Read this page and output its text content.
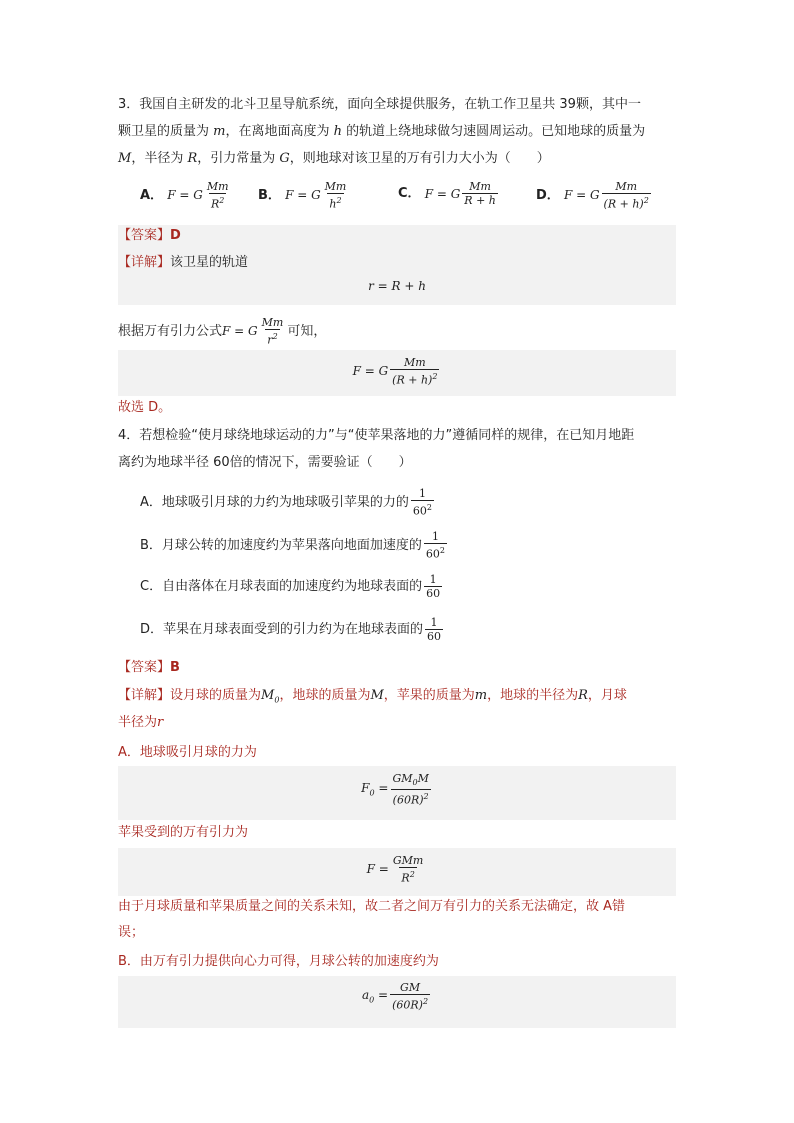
3．我国自主研发的北斗卫星导航系统，面向全球提供服务，在轨工作卫星共 39颗，其中一
颗卫星的质量为 m，在离地面高度为 h 的轨道上绕地球做匀速圆周运动。已知地球的质量为
M，半径为 R，引力常量为 G，则地球对该卫星的万有引力大小为（　　）
A． F = G $\frac{Mm}{R^2}$ B． F = G $\frac{Mm}{h^2}$	C． F = G $\frac{Mm}{R + h}$	D． F = G $\frac{Mm}{(R + h)^2}$
【答案】D
【详解】该卫星的轨道
r = R + h
根据万有引力公式F = G $\frac{Mm}{r^2}$ 可知，
F = G $\frac{Mm}{(R + h)^2}$
故选 D。
4．若想检验“使月球绕地球运动的力”与“使苹果落地的力”遵循同样的规律，在已知月地距
离约为地球半径 60倍的情况下，需要验证（　　）
A．地球吸引月球的力约为地球吸引苹果的力的 $\frac{1}{60^2}$
B．月球公转的加速度约为苹果落向地面加速度的 $\frac{1}{60^2}$
C．自由落体在月球表面的加速度约为地球表面的 $\frac{1}{60}$
D．苹果在月球表面受到的引力约为在地球表面的 $\frac{1}{60}$
【答案】B
【详解】设月球的质量为$M_0$，地球的质量为M，苹果的质量为m，地球的半径为R，月球
半径为r
A．地球吸引月球的力为
$F_0 = \frac{GM_0M}{(60R)^2}$
苹果受到的万有引力为
$F = \frac{\text{GMm}}{R^2}$
由于月球质量和苹果质量之间的关系未知，故二者之间万有引力的关系无法确定，故 A错
误；
B．由万有引力提供向心力可得，月球公转的加速度约为
$a_0 = \frac{GM}{(60R)^2}$
